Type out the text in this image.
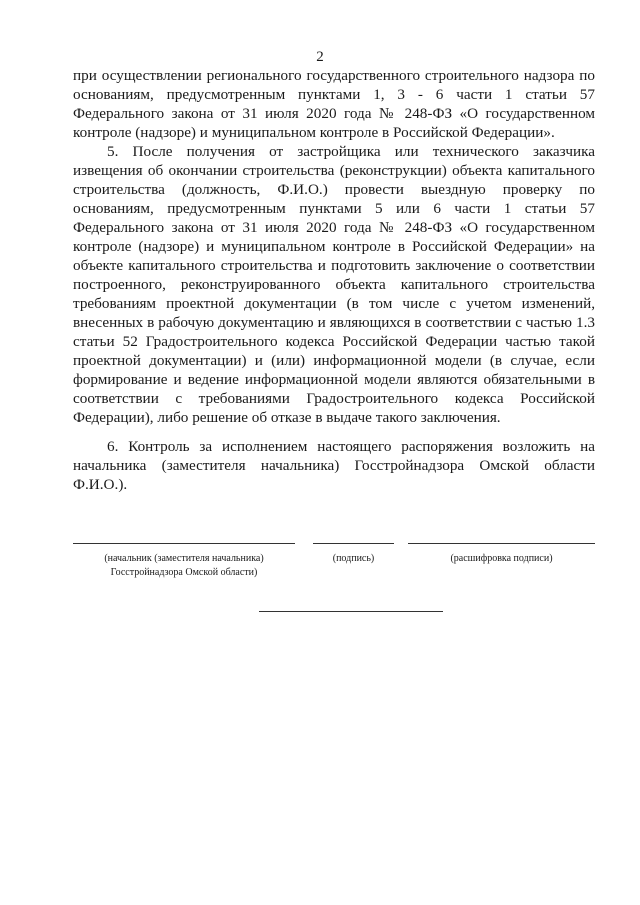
2

при осуществлении регионального государственного строительного надзора по основаниям, предусмотренным пунктами 1, 3 - 6 части 1 статьи 57 Федерального закона от 31 июля 2020 года № 248-ФЗ «О государственном контроле (надзоре) и муниципальном контроле в Российской Федерации».

5. После получения от застройщика или технического заказчика извещения об окончании строительства (реконструкции) объекта капитального строительства (должность, Ф.И.О.) провести выездную проверку по основаниям, предусмотренным пунктами 5 или 6 части 1 статьи 57 Федерального закона от 31 июля 2020 года № 248-ФЗ «О государственном контроле (надзоре) и муниципальном контроле в Российской Федерации» на объекте капитального строительства и подготовить заключение о соответствии построенного, реконструированного объекта капитального строительства требованиям проектной документации (в том числе с учетом изменений, внесенных в рабочую документацию и являющихся в соответствии с частью 1.3 статьи 52 Градостроительного кодекса Российской Федерации частью такой проектной документации) и (или) информационной модели (в случае, если формирование и ведение информационной модели являются обязательными в соответствии с требованиями Градостроительного кодекса Российской Федерации), либо решение об отказе в выдаче такого заключения.

6. Контроль за исполнением настоящего распоряжения возложить на начальника (заместителя начальника) Госстройнадзора Омской области Ф.И.О.).

(начальник (заместителя начальника)
Госстройнадзора Омской области)
(подпись)	(расшифровка подписи)
